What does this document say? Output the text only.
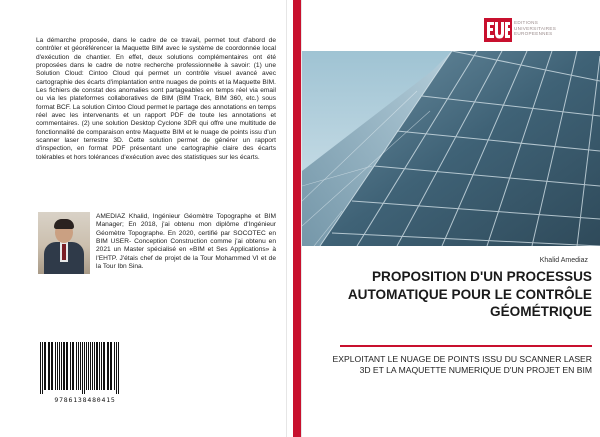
La démarche proposée, dans le cadre de ce travail, permet tout d'abord de contrôler et géoréférencer la Maquette BIM avec le système de coordonnée local d'exécution de chantier. En effet, deux solutions complémentaires ont été proposées dans le cadre de notre recherche professionnelle à savoir: (1) une Solution Cloud: Cintoo Cloud qui permet un contrôle visuel avancé avec cartographie des écarts d'implantation entre nuages de points et la Maquette BIM. Les fichiers de constat des anomalies sont partageables en temps réel via email ou via les plateformes collaboratives de BIM (BIM Track, BIM 360, etc.) sous format BCF. La solution Cintoo Cloud permet le partage des annotations en temps réel avec les intervenants et un rapport PDF de toute les annotations et commentaires. (2) une solution Desktop Cyclone 3DR qui offre une multitude de fonctionnalité de comparaison entre Maquette BIM et le nuage de points issu d'un scanner laser terrestre 3D. Cette solution permet de générer un rapport d'inspection, en format PDF présentant une cartographie claire des écarts tolérables et hors tolérances d'exécution avec des statistiques sur les écarts.
AMEDIAZ Khalid, Ingénieur Géomètre Topographe et BIM Manager; En 2018, j'ai obtenu mon diplôme d'Ingénieur Géomètre Topographe. En 2020, certifié par SOCOTEC en BIM USER- Conception Construction comme j'ai obtenu en 2021 un Master spécialisé en «BIM et Ses Applications» à l'EHTP. J'étais chef de projet de la Tour Mohammed VI et de la Tour Ibn Sina.
9786138480415
EDITIONS
UNIVERSITAIRES
EUROPEENNES
Khalid Amediaz
PROPOSITION D'UN PROCESSUS AUTOMATIQUE POUR LE CONTRÔLE GÉOMÉTRIQUE
EXPLOITANT LE NUAGE DE POINTS ISSU DU SCANNER LASER 3D ET LA MAQUETTE NUMERIQUE D'UN PROJET EN BIM
